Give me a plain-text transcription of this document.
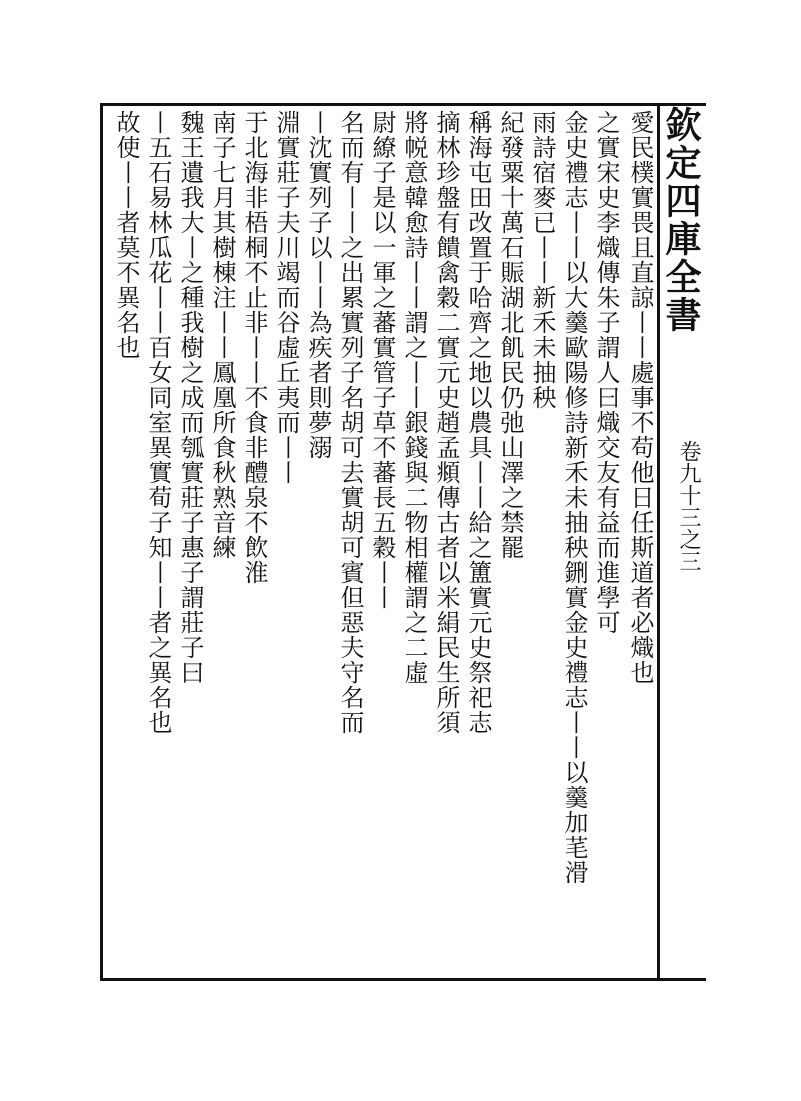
欽定四庫全書
卷九十三之三
愛民樸實畏且直諒丨丨處事不苟他日任斯道者必熾也
之實宋史李熾傳朱子謂人曰熾交友有益而進學可
金史禮志丨丨以大羹歐陽修詩新禾未抽秧鉶實金史禮志丨丨以羹加芼滑
雨詩宿麥已丨丨新禾未抽秧
紀發粟十萬石賑湖北飢民仍弛山澤之禁罷
稱海屯田改置于哈齊之地以農具丨丨給之簠實元史祭祀志
摘林珍盤有饋禽穀二實元史趙孟頫傳古者以米絹民生所須
將帨意韓愈詩丨丨謂之丨丨銀錢與二物相權謂之二虛
尉繚子是以一軍之蕃實管子草不蕃長五穀丨丨
名而有丨丨之出累實列子名胡可去實胡可賓但惡夫守名而
丨沈實列子以丨丨為疾者則夢溺
淵實莊子夫川竭而谷虛丘夷而丨丨
于北海非梧桐不止非丨丨不食非醴泉不飲淮
南子七月其樹棟注丨丨鳳凰所食秋熟音練
魏王遺我大丨之種我樹之成而瓠實莊子惠子謂莊子曰
丨五石易林瓜花丨丨百女同室異實荀子知丨丨者之異名也
故使丨丨者莫不異名也
